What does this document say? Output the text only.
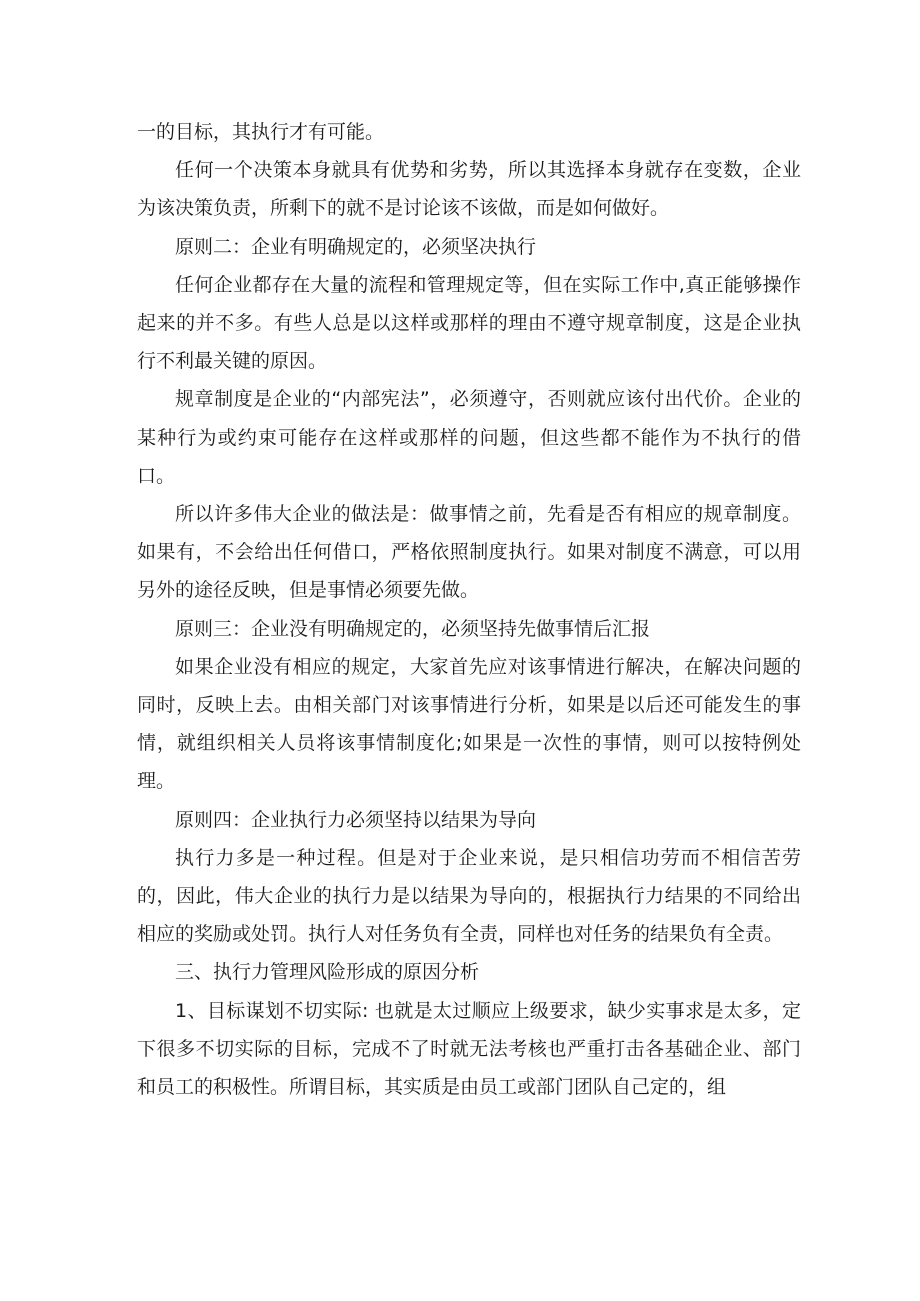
一的目标，其执行才有可能。

任何一个决策本身就具有优势和劣势，所以其选择本身就存在变数，企业为该决策负责，所剩下的就不是讨论该不该做，而是如何做好。

原则二：企业有明确规定的，必须坚决执行

任何企业都存在大量的流程和管理规定等，但在实际工作中,真正能够操作起来的并不多。有些人总是以这样或那样的理由不遵守规章制度，这是企业执行不利最关键的原因。

规章制度是企业的“内部宪法”，必须遵守，否则就应该付出代价。企业的某种行为或约束可能存在这样或那样的问题，但这些都不能作为不执行的借口。

所以许多伟大企业的做法是：做事情之前，先看是否有相应的规章制度。如果有，不会给出任何借口，严格依照制度执行。如果对制度不满意，可以用另外的途径反映，但是事情必须要先做。

原则三：企业没有明确规定的，必须坚持先做事情后汇报

如果企业没有相应的规定，大家首先应对该事情进行解决，在解决问题的同时，反映上去。由相关部门对该事情进行分析，如果是以后还可能发生的事情，就组织相关人员将该事情制度化;如果是一次性的事情，则可以按特例处理。

原则四：企业执行力必须坚持以结果为导向

执行力多是一种过程。但是对于企业来说，是只相信功劳而不相信苦劳的，因此，伟大企业的执行力是以结果为导向的，根据执行力结果的不同给出相应的奖励或处罚。执行人对任务负有全责，同样也对任务的结果负有全责。

三、执行力管理风险形成的原因分析

1、目标谋划不切实际: 也就是太过顺应上级要求，缺少实事求是太多，定下很多不切实际的目标，完成不了时就无法考核也严重打击各基础企业、部门和员工的积极性。所谓目标，其实质是由员工或部门团队自己定的，组
